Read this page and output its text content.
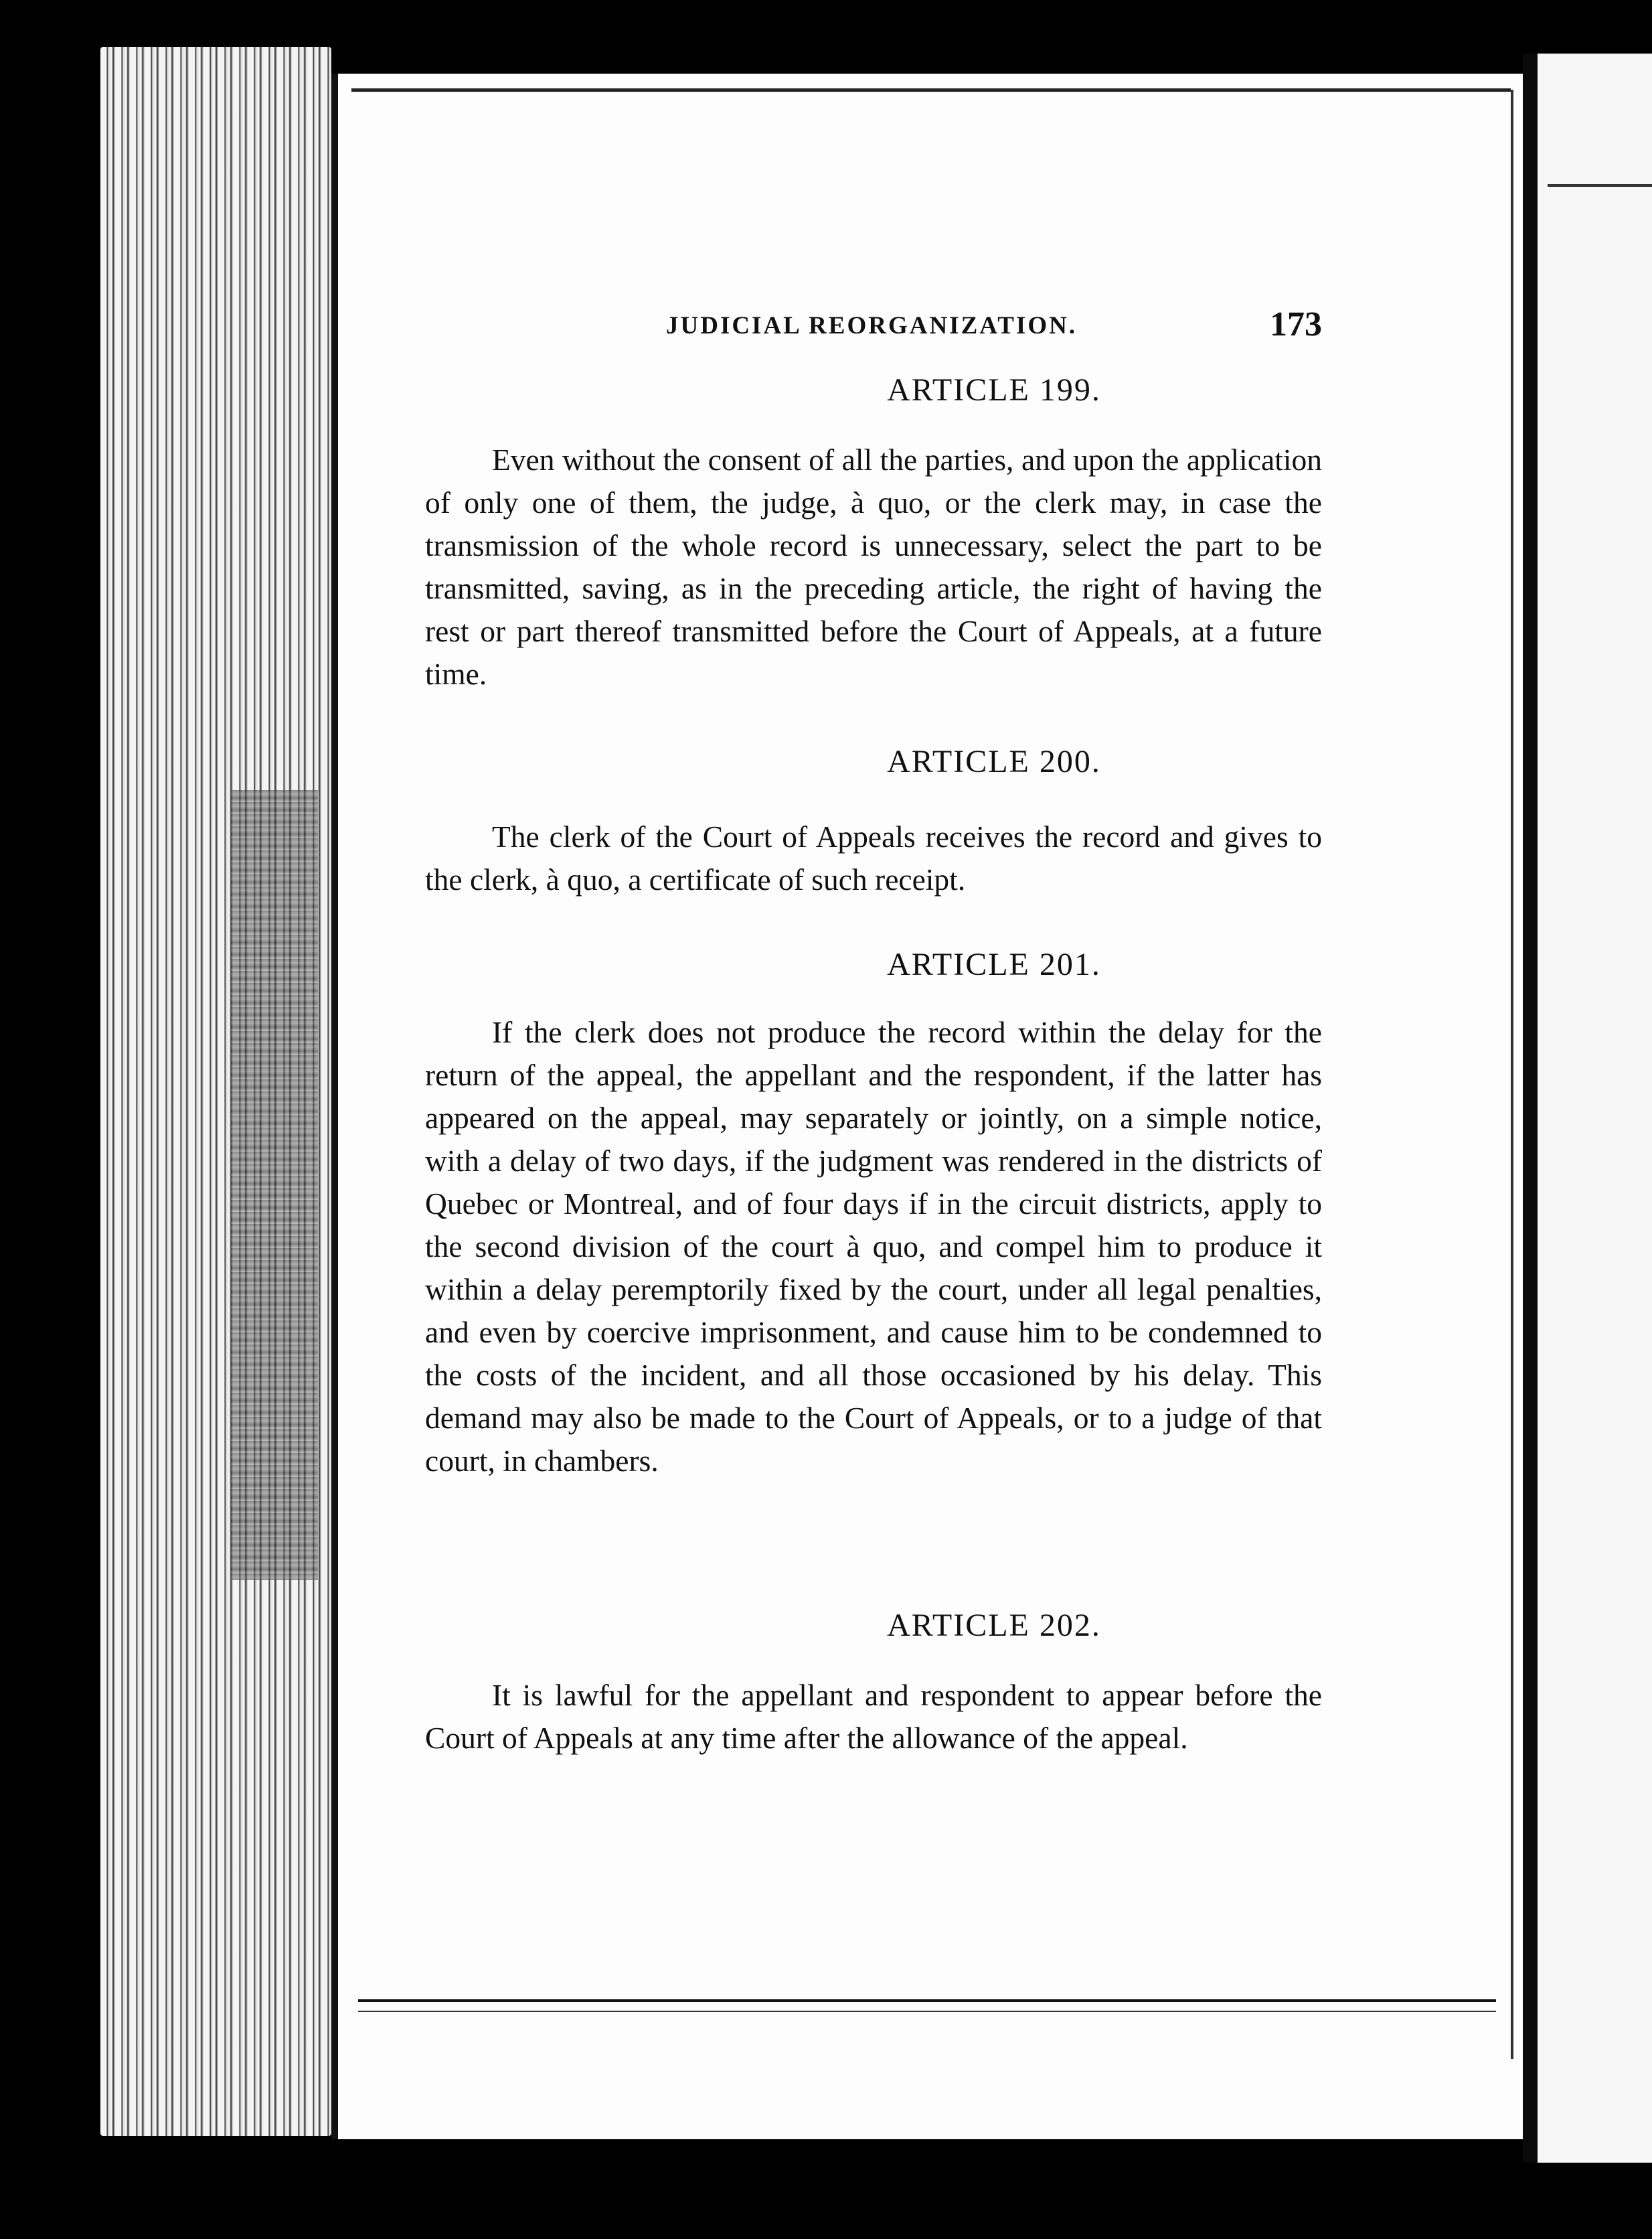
JUDICIAL REORGANIZATION.	173
ARTICLE 199.

Even without the consent of all the parties, and upon the application of only one of them, the judge, à quo, or the clerk may, in case the transmission of the whole record is unnecessary, select the part to be transmitted, saving, as in the preceding article, the right of having the rest or part thereof transmitted before the Court of Appeals, at a future time.

ARTICLE 200.

The clerk of the Court of Appeals receives the record and gives to the clerk, à quo, a certificate of such receipt.

ARTICLE 201.

If the clerk does not produce the record within the delay for the return of the appeal, the appellant and the respondent, if the latter has appeared on the appeal, may separately or jointly, on a simple notice, with a delay of two days, if the judgment was rendered in the districts of Quebec or Montreal, and of four days if in the circuit districts, apply to the second division of the court à quo, and compel him to produce it within a delay peremptorily fixed by the court, under all legal penalties, and even by coercive imprisonment, and cause him to be condemned to the costs of the incident, and all those occasioned by his delay. This demand may also be made to the Court of Appeals, or to a judge of that court, in chambers.

ARTICLE 202.

It is lawful for the appellant and respondent to appear before the Court of Appeals at any time after the allowance of the appeal.
